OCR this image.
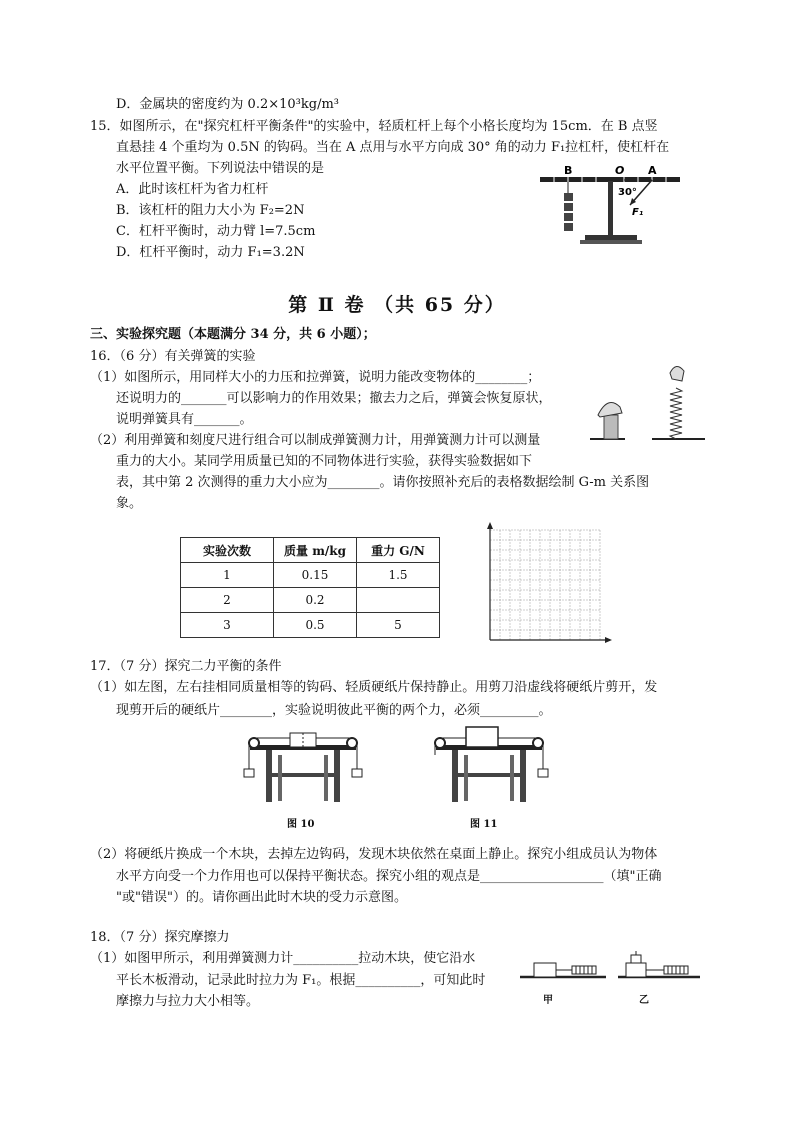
D．金属块的密度约为 0.2×10³kg/m³
15．如图所示，在"探究杠杆平衡条件"的实验中，轻质杠杆上每个小格长度均为 15cm．在 B 点竖
直悬挂 4 个重均为 0.5N 的钩码。当在 A 点用与水平方向成 30° 角的动力 F₁拉杠杆，使杠杆在
水平位置平衡。下列说法中错误的是
A．此时该杠杆为省力杠杆
B．该杠杆的阻力大小为 F₂=2N
C．杠杆平衡时，动力臂 l=7.5cm
D．杠杆平衡时，动力 F₁=3.2N
B	O A
30°
F₁
第 Ⅱ 卷 （共 65 分）
三、实验探究题（本题满分 34 分，共 6 小题）；
16．（6 分）有关弹簧的实验
（1）如图所示，用同样大小的力压和拉弹簧，说明力能改变物体的________；
还说明力的_______可以影响力的作用效果；撤去力之后，弹簧会恢复原状，
说明弹簧具有_______。
（2）利用弹簧和刻度尺进行组合可以制成弹簧测力计，用弹簧测力计可以测量
重力的大小。某同学用质量已知的不同物体进行实验，获得实验数据如下
表，其中第 2 次测得的重力大小应为________。请你按照补充后的表格数据绘制 G-m 关系图
象。
实验次数	质量 m/kg	重力 G/N
1	0.15	1.5
2	0.2	
3	0.5	5
17．（7 分）探究二力平衡的条件
（1）如左图，左右挂相同质量相等的钩码、轻质硬纸片保持静止。用剪刀沿虚线将硬纸片剪开，发
现剪开后的硬纸片________，实验说明彼此平衡的两个力，必须_________。
图 10	图 11
（2）将硬纸片换成一个木块，去掉左边钩码，发现木块依然在桌面上静止。探究小组成员认为物体
水平方向受一个力作用也可以保持平衡状态。探究小组的观点是___________________（填"正确
"或"错误"）的。请你画出此时木块的受力示意图。
18．（7 分）探究摩擦力
（1）如图甲所示，利用弹簧测力计__________拉动木块，使它沿水
平长木板滑动，记录此时拉力为 F₁。根据__________，可知此时
摩擦力与拉力大小相等。	甲	乙
